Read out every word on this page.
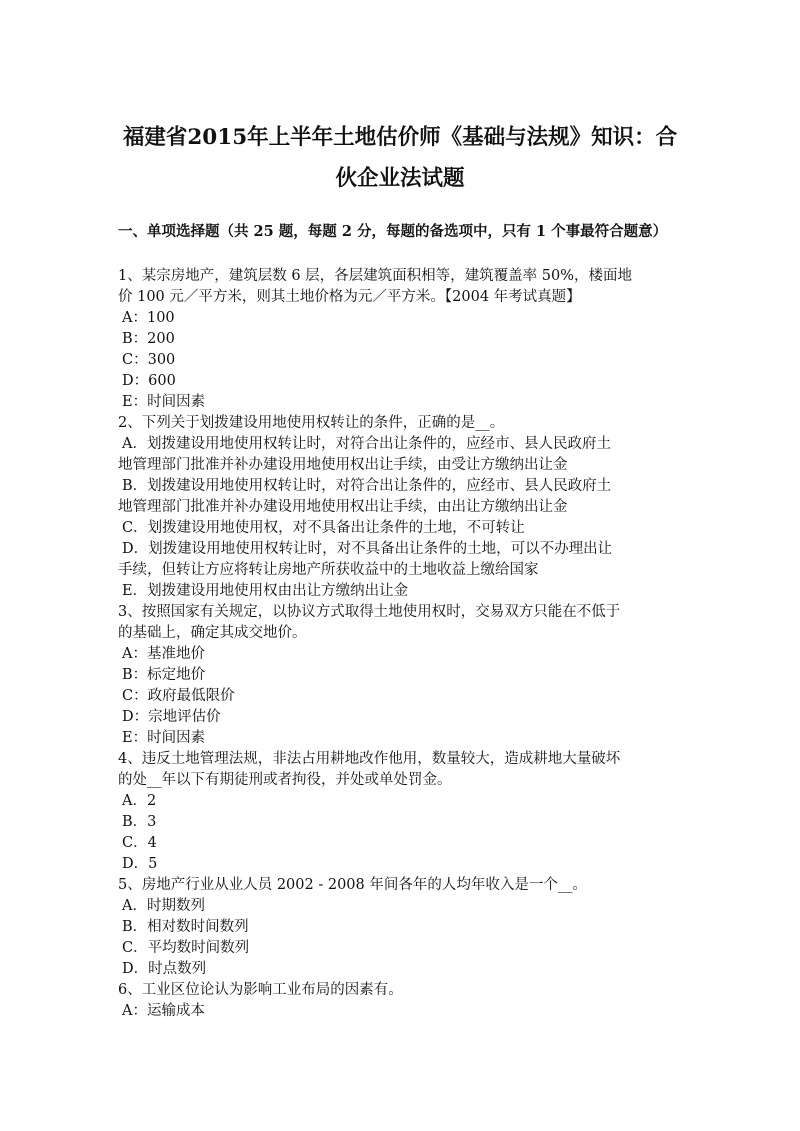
福建省2015年上半年土地估价师《基础与法规》知识：合
伙企业法试题
一、单项选择题（共 25 题，每题 2 分，每题的备选项中，只有 1 个事最符合题意）
1、某宗房地产，建筑层数 6 层，各层建筑面积相等，建筑覆盖率 50%，楼面地
价 100 元／平方米，则其土地价格为元／平方米。【2004 年考试真题】
A：100
B：200
C：300
D：600
E：时间因素
2、下列关于划拨建设用地使用权转让的条件，正确的是__。
A．划拨建设用地使用权转让时，对符合出让条件的，应经市、县人民政府土
地管理部门批准并补办建设用地使用权出让手续，由受让方缴纳出让金
B．划拨建设用地使用权转让时，对符合出让条件的，应经市、县人民政府土
地管理部门批准并补办建设用地使用权出让手续，由出让方缴纳出让金
C．划拨建设用地使用权，对不具备出让条件的土地，不可转让
D．划拨建设用地使用权转让时，对不具备出让条件的土地，可以不办理出让
手续，但转让方应将转让房地产所获收益中的土地收益上缴给国家
E．划拨建设用地使用权由出让方缴纳出让金
3、按照国家有关规定，以协议方式取得土地使用权时，交易双方只能在不低于
的基础上，确定其成交地价。
A：基准地价
B：标定地价
C：政府最低限价
D：宗地评估价
E：时间因素
4、违反土地管理法规，非法占用耕地改作他用，数量较大，造成耕地大量破坏
的处__年以下有期徒刑或者拘役，并处或单处罚金。
A．2
B．3
C．4
D．5
5、房地产行业从业人员 2002 - 2008 年间各年的人均年收入是一个__。
A．时期数列
B．相对数时间数列
C．平均数时间数列
D．时点数列
6、工业区位论认为影响工业布局的因素有。
A：运输成本
